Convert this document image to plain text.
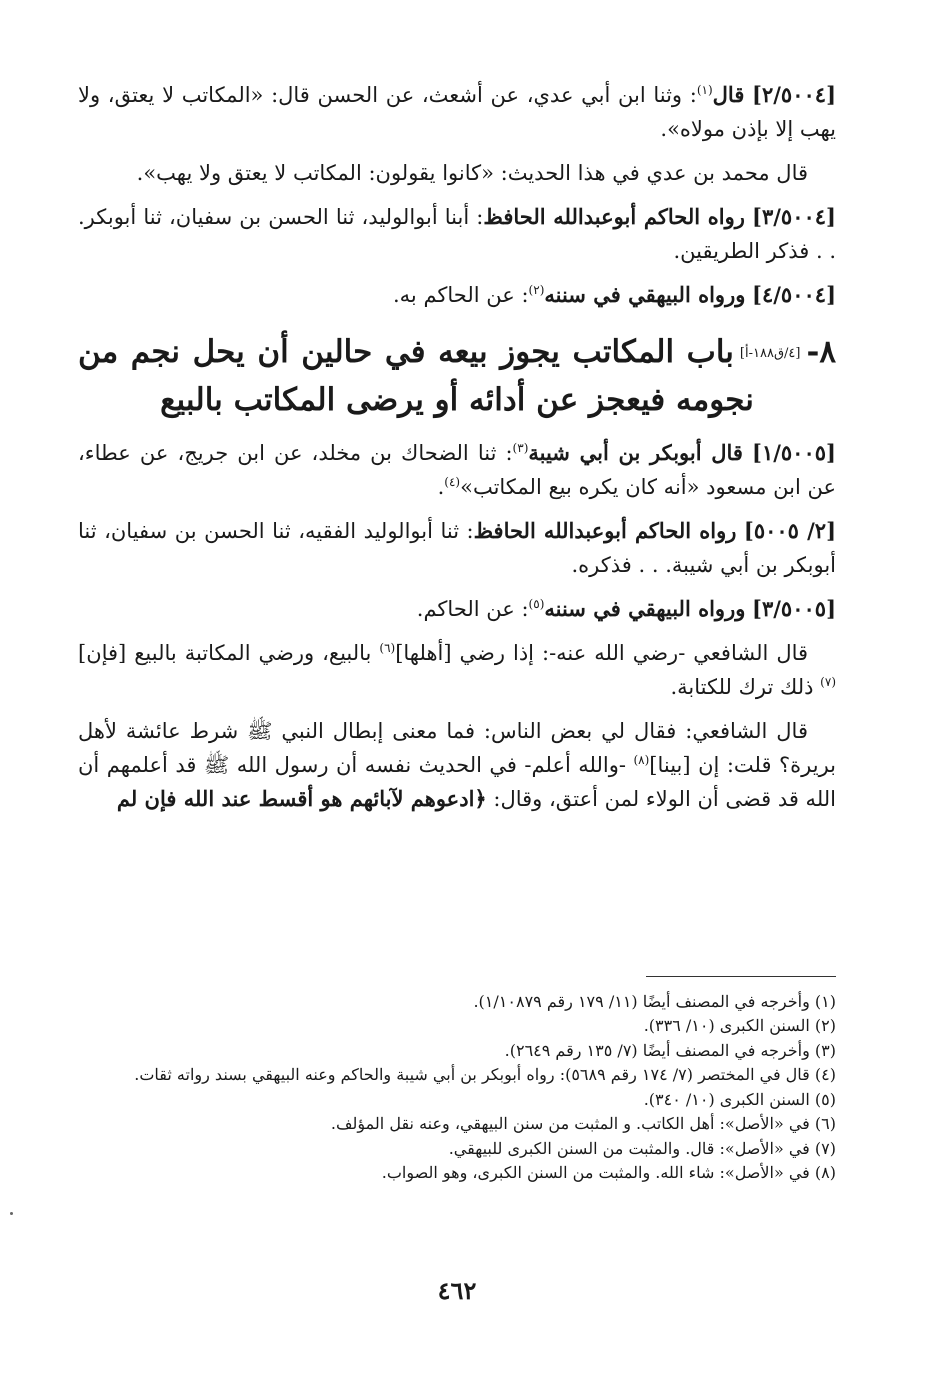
[٢/٥٠٠٤] قال$^{(١)}$: وثنا ابن أبي عدي، عن أشعث، عن الحسن قال: «المكاتب لا يعتق، ولا يهب إلا بإذن مولاه».

قال محمد بن عدي في هذا الحديث: «كانوا يقولون: المكاتب لا يعتق ولا يهب».

[٣/٥٠٠٤] رواه الحاكم أبوعبدالله الحافظ: أبنا أبوالوليد، ثنا الحسن بن سفيان، ثنا أبوبكر. . . فذكر الطريقين.

[٤/٥٠٠٤] ورواه البيهقي في سننه$^{(٢)}$: عن الحاكم به.

٨-[٤/ق١٨٨-أ]باب المكاتب يجوز بيعه في حالين أن يحل نجم من
نجومه فيعجز عن أدائه أو يرضى المكاتب بالبيع

[١/٥٠٠٥] قال أبوبكر بن أبي شيبة$^{(٣)}$: ثنا الضحاك بن مخلد، عن ابن جريج، عن عطاء، عن ابن مسعود «أنه كان يكره بيع المكاتب»$^{(٤)}$.

[٢/ ٥٠٠٥] رواه الحاكم أبوعبدالله الحافظ: ثنا أبوالوليد الفقيه، ثنا الحسن بن سفيان، ثنا أبوبكر بن أبي شيبة. . . فذكره.

[٣/٥٠٠٥] ورواه البيهقي في سننه$^{(٥)}$: عن الحاكم.

قال الشافعي -رضي الله عنه-: إذا رضي [أهلها]$^{(٦)}$ بالبيع، ورضي المكاتبة بالبيع [فإن]$^{(٧)}$ ذلك ترك للكتابة.

قال الشافعي: فقال لي بعض الناس: فما معنى إبطال النبي ﷺ شرط عائشة لأهل بريرة؟ قلت: إن [بينا]$^{(٨)}$ -والله أعلم- في الحديث نفسه أن رسول الله ﷺ قد أعلمهم أن الله قد قضى أن الولاء لمن أعتق، وقال: ﴿ادعوهم لآبائهم هو أقسط عند الله فإن لم

(١) وأخرجه في المصنف أيضًا (١١/ ١٧٩ رقم ١/١٠٨٧٩).

(٢) السنن الكبرى (١٠/ ٣٣٦).

(٣) وأخرجه في المصنف أيضًا (٧/ ١٣٥ رقم ٢٦٤٩).

(٤) قال في المختصر (٧/ ١٧٤ رقم ٥٦٨٩): رواه أبوبكر بن أبي شيبة والحاكم وعنه البيهقي بسند رواته ثقات.

(٥) السنن الكبرى (١٠/ ٣٤٠).

(٦) في «الأصل»: أهل الكاتب. و المثبت من سنن البيهقي، وعنه نقل المؤلف.

(٧) في «الأصل»: قال. والمثبت من السنن الكبرى للبيهقي.

(٨) في «الأصل»: شاء الله. والمثبت من السنن الكبرى، وهو الصواب.

٤٦٢
